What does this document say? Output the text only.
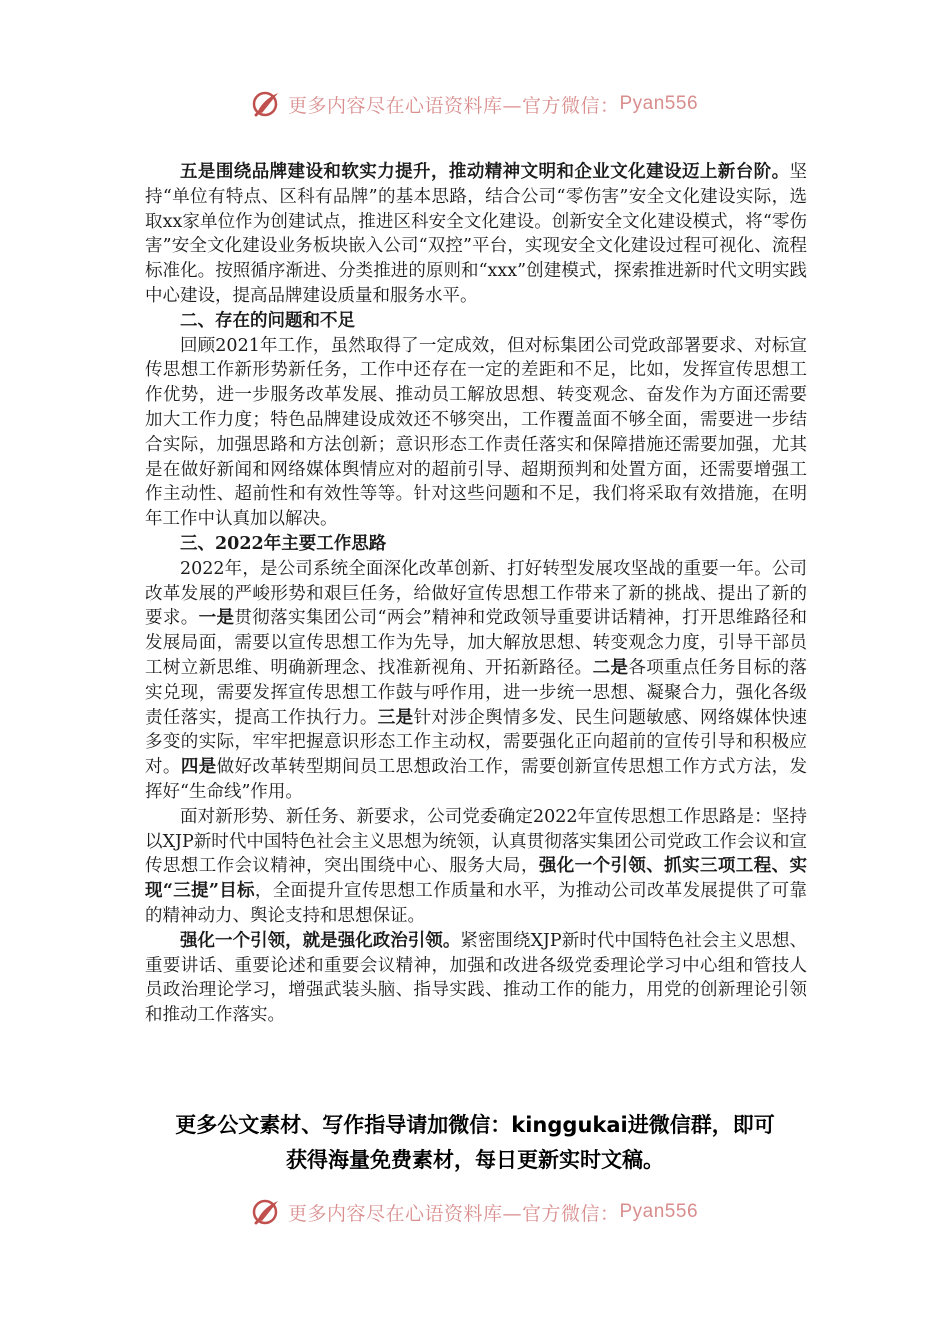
更多内容尽在心语资料库—官方微信： Pyan556

五是围绕品牌建设和软实力提升，推动精神文明和企业文化建设迈上新台阶。坚持“单位有特点、区科有品牌”的基本思路，结合公司“零伤害”安全文化建设实际，选取xx家单位作为创建试点，推进区科安全文化建设。创新安全文化建设模式，将“零伤害”安全文化建设业务板块嵌入公司“双控”平台，实现安全文化建设过程可视化、流程标准化。按照循序渐进、分类推进的原则和“xxx”创建模式，探索推进新时代文明实践中心建设，提高品牌建设质量和服务水平。

二、存在的问题和不足

回顾2021年工作，虽然取得了一定成效，但对标集团公司党政部署要求、对标宣传思想工作新形势新任务，工作中还存在一定的差距和不足，比如，发挥宣传思想工作优势，进一步服务改革发展、推动员工解放思想、转变观念、奋发作为方面还需要加大工作力度；特色品牌建设成效还不够突出，工作覆盖面不够全面，需要进一步结合实际，加强思路和方法创新；意识形态工作责任落实和保障措施还需要加强，尤其是在做好新闻和网络媒体舆情应对的超前引导、超期预判和处置方面，还需要增强工作主动性、超前性和有效性等等。针对这些问题和不足，我们将采取有效措施，在明年工作中认真加以解决。

三、2022年主要工作思路

2022年，是公司系统全面深化改革创新、打好转型发展攻坚战的重要一年。公司改革发展的严峻形势和艰巨任务，给做好宣传思想工作带来了新的挑战、提出了新的要求。一是贯彻落实集团公司“两会”精神和党政领导重要讲话精神，打开思维路径和发展局面，需要以宣传思想工作为先导，加大解放思想、转变观念力度，引导干部员工树立新思维、明确新理念、找准新视角、开拓新路径。二是各项重点任务目标的落实兑现，需要发挥宣传思想工作鼓与呼作用，进一步统一思想、凝聚合力，强化各级责任落实，提高工作执行力。三是针对涉企舆情多发、民生问题敏感、网络媒体快速多变的实际，牢牢把握意识形态工作主动权，需要强化正向超前的宣传引导和积极应对。四是做好改革转型期间员工思想政治工作，需要创新宣传思想工作方式方法，发挥好“生命线”作用。

面对新形势、新任务、新要求，公司党委确定2022年宣传思想工作思路是：坚持以XJP新时代中国特色社会主义思想为统领，认真贯彻落实集团公司党政工作会议和宣传思想工作会议精神，突出围绕中心、服务大局，强化一个引领、抓实三项工程、实现“三提”目标，全面提升宣传思想工作质量和水平，为推动公司改革发展提供了可靠的精神动力、舆论支持和思想保证。

强化一个引领，就是强化政治引领。紧密围绕XJP新时代中国特色社会主义思想、重要讲话、重要论述和重要会议精神，加强和改进各级党委理论学习中心组和管技人员政治理论学习，增强武装头脑、指导实践、推动工作的能力，用党的创新理论引领和推动工作落实。

更多公文素材、写作指导请加微信：kinggukai进微信群，即可
获得海量免费素材，每日更新实时文稿。
更多内容尽在心语资料库—官方微信： Pyan556
